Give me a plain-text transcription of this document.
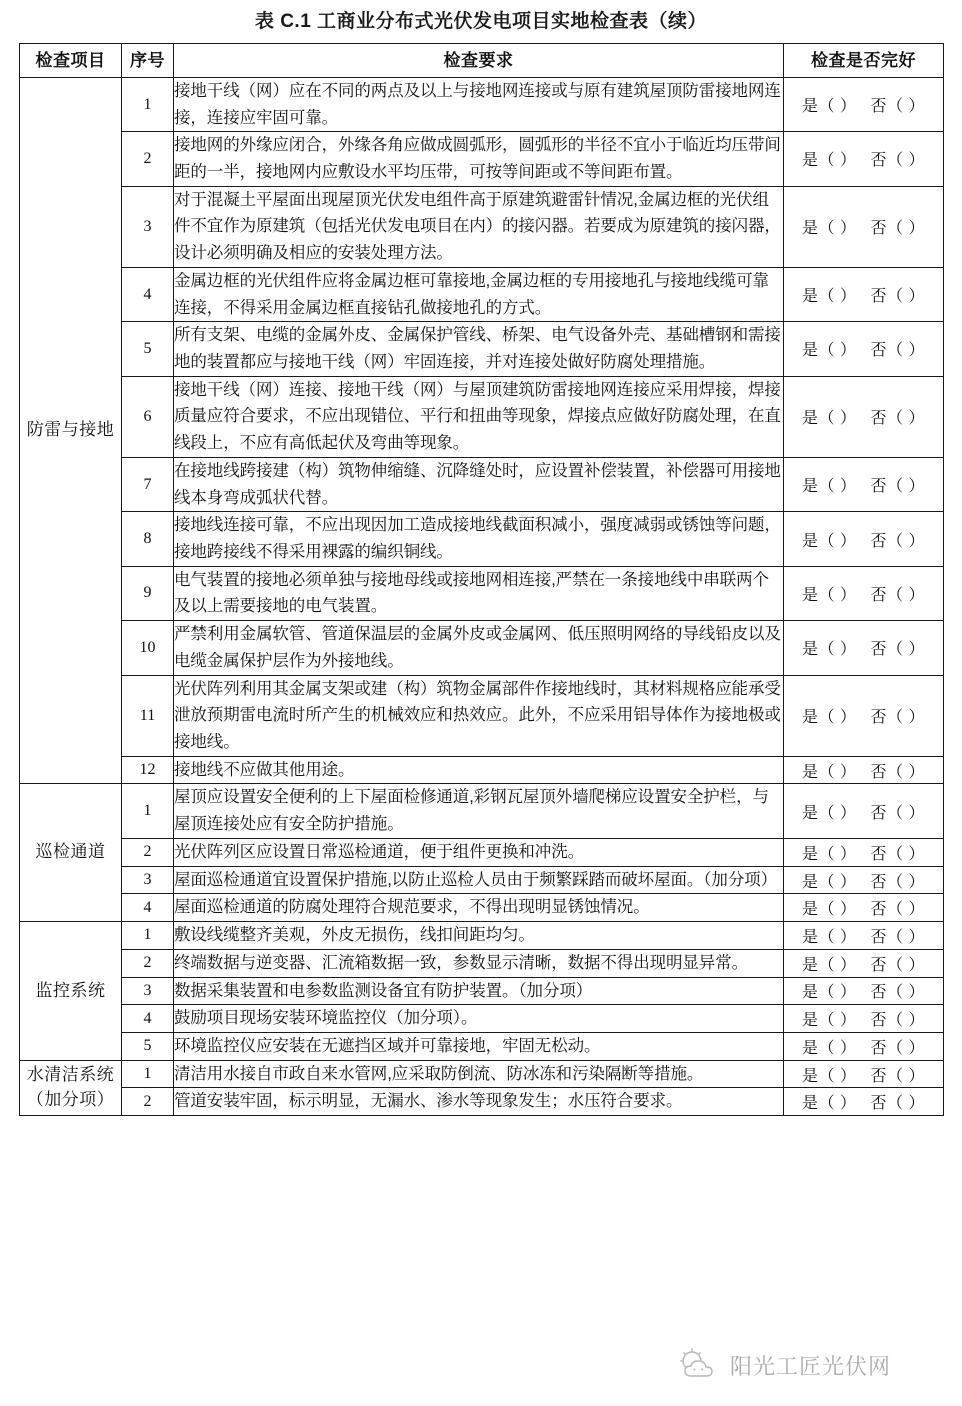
表 C.1 工商业分布式光伏发电项目实地检查表（续）
检查项目	序号	检查要求	检查是否完好
防雷与接地	1	接地干线（网）应在不同的两点及以上与接地网连接或与原有建筑屋顶防雷接地网连接，连接应牢固可靠。	是（ ） 否（ ）
	2	接地网的外缘应闭合，外缘各角应做成圆弧形，圆弧形的半径不宜小于临近均压带间距的一半，接地网内应敷设水平均压带，可按等间距或不等间距布置。	是（ ） 否（ ）
	3	对于混凝土平屋面出现屋顶光伏发电组件高于原建筑避雷针情况,金属边框的光伏组件不宜作为原建筑（包括光伏发电项目在内）的接闪器。若要成为原建筑的接闪器，设计必须明确及相应的安装处理方法。	是（ ） 否（ ）
	4	金属边框的光伏组件应将金属边框可靠接地,金属边框的专用接地孔与接地线缆可靠连接，不得采用金属边框直接钻孔做接地孔的方式。	是（ ） 否（ ）
	5	所有支架、电缆的金属外皮、金属保护管线、桥架、电气设备外壳、基础槽钢和需接地的装置都应与接地干线（网）牢固连接，并对连接处做好防腐处理措施。	是（ ） 否（ ）
	6	接地干线（网）连接、接地干线（网）与屋顶建筑防雷接地网连接应采用焊接，焊接质量应符合要求，不应出现错位、平行和扭曲等现象，焊接点应做好防腐处理，在直线段上，不应有高低起伏及弯曲等现象。	是（ ） 否（ ）
	7	在接地线跨接建（构）筑物伸缩缝、沉降缝处时，应设置补偿装置，补偿器可用接地线本身弯成弧状代替。	是（ ） 否（ ）
	8	接地线连接可靠，不应出现因加工造成接地线截面积减小，强度减弱或锈蚀等问题，接地跨接线不得采用裸露的编织铜线。	是（ ） 否（ ）
	9	电气装置的接地必须单独与接地母线或接地网相连接,严禁在一条接地线中串联两个及以上需要接地的电气装置。	是（ ） 否（ ）
	10	严禁利用金属软管、管道保温层的金属外皮或金属网、低压照明网络的导线铅皮以及电缆金属保护层作为外接地线。	是（ ） 否（ ）
	11	光伏阵列利用其金属支架或建（构）筑物金属部件作接地线时，其材料规格应能承受泄放预期雷电流时所产生的机械效应和热效应。此外，不应采用铝导体作为接地极或接地线。	是（ ） 否（ ）
	12	接地线不应做其他用途。	是（ ） 否（ ）
巡检通道	1	屋顶应设置安全便利的上下屋面检修通道,彩钢瓦屋顶外墙爬梯应设置安全护栏，与屋顶连接处应有安全防护措施。	是（ ） 否（ ）
	2	光伏阵列区应设置日常巡检通道，便于组件更换和冲洗。	是（ ） 否（ ）
	3	屋面巡检通道宜设置保护措施,以防止巡检人员由于频繁踩踏而破坏屋面。（加分项）	是（ ） 否（ ）
	4	屋面巡检通道的防腐处理符合规范要求，不得出现明显锈蚀情况。	是（ ） 否（ ）
监控系统	1	敷设线缆整齐美观，外皮无损伤，线扣间距均匀。	是（ ） 否（ ）
	2	终端数据与逆变器、汇流箱数据一致，参数显示清晰，数据不得出现明显异常。	是（ ） 否（ ）
	3	数据采集装置和电参数监测设备宜有防护装置。（加分项）	是（ ） 否（ ）
	4	鼓励项目现场安装环境监控仪（加分项）。	是（ ） 否（ ）
	5	环境监控仪应安装在无遮挡区域并可靠接地，牢固无松动。	是（ ） 否（ ）
水清洁系统（加分项）	1	清洁用水接自市政自来水管网,应采取防倒流、防冰冻和污染隔断等措施。	是（ ） 否（ ）
	2	管道安装牢固，标示明显，无漏水、渗水等现象发生；水压符合要求。	是（ ） 否（ ）
阳光工匠光伏网
